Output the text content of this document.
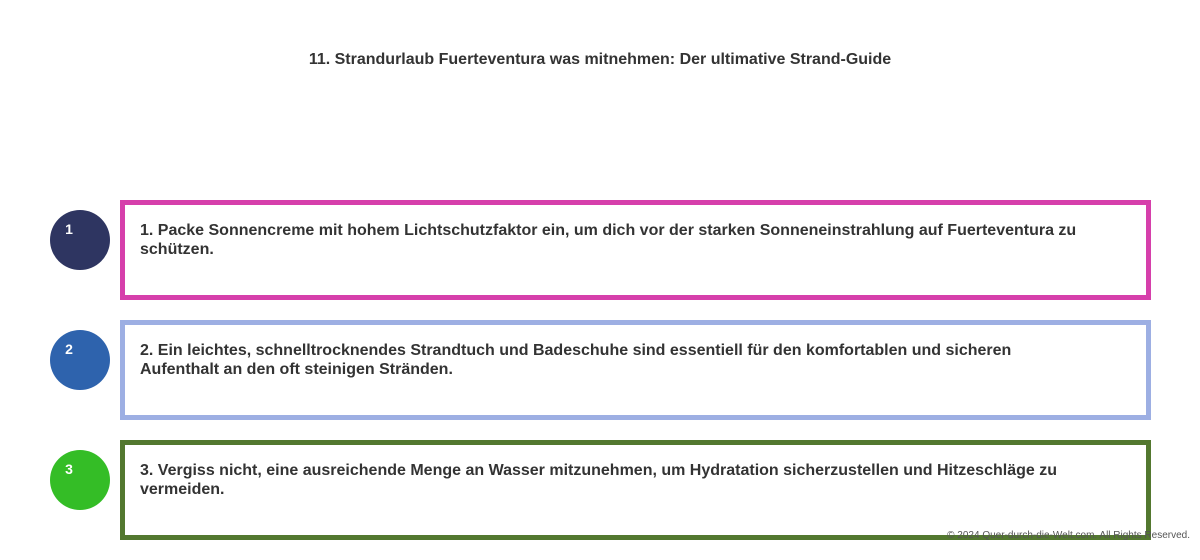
11. Strandurlaub Fuerteventura was mitnehmen: Der ultimative Strand-Guide
1	1. Packe Sonnencreme mit hohem Lichtschutzfaktor ein, um dich vor der starken Sonneneinstrahlung auf Fuerteventura zu schützen.
2	2. Ein leichtes, schnelltrocknendes Strandtuch und Badeschuhe sind essentiell für den komfortablen und sicheren Aufenthalt an den oft steinigen Stränden.
3	3. Vergiss nicht, eine ausreichende Menge an Wasser mitzunehmen, um Hydratation sicherzustellen und Hitzeschläge zu vermeiden.
© 2024 Quer-durch-die-Welt.com. All Rights Reserved.
